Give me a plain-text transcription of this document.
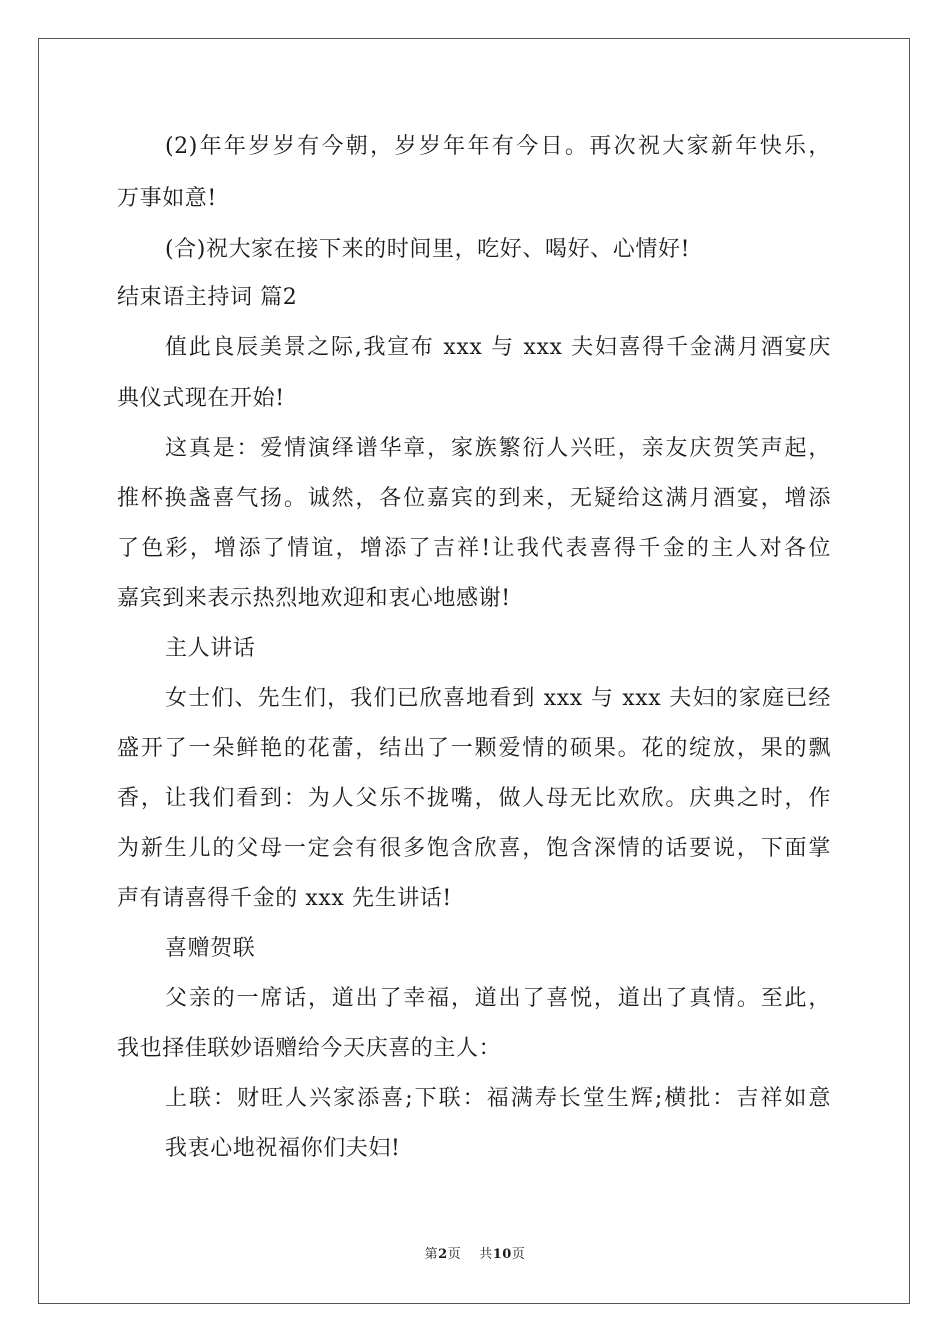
(2)年年岁岁有今朝，岁岁年年有今日。再次祝大家新年快乐，
万事如意!
(合)祝大家在接下来的时间里，吃好、喝好、心情好!
结束语主持词 篇2
值此良辰美景之际,我宣布 xxx 与 xxx 夫妇喜得千金满月酒宴庆
典仪式现在开始!
这真是：爱情演绎谱华章，家族繁衍人兴旺，亲友庆贺笑声起，
推杯换盏喜气扬。诚然，各位嘉宾的到来，无疑给这满月酒宴，增添
了色彩，增添了情谊，增添了吉祥!让我代表喜得千金的主人对各位
嘉宾到来表示热烈地欢迎和衷心地感谢!
主人讲话
女士们、先生们，我们已欣喜地看到 xxx 与 xxx 夫妇的家庭已经
盛开了一朵鲜艳的花蕾，结出了一颗爱情的硕果。花的绽放，果的飘
香，让我们看到：为人父乐不拢嘴，做人母无比欢欣。庆典之时，作
为新生儿的父母一定会有很多饱含欣喜，饱含深情的话要说，下面掌
声有请喜得千金的 xxx 先生讲话!
喜赠贺联
父亲的一席话，道出了幸福，道出了喜悦，道出了真情。至此，
我也择佳联妙语赠给今天庆喜的主人：
上联：财旺人兴家添喜;下联：福满寿长堂生辉;横批：吉祥如意
我衷心地祝福你们夫妇!
第2页 共10页
